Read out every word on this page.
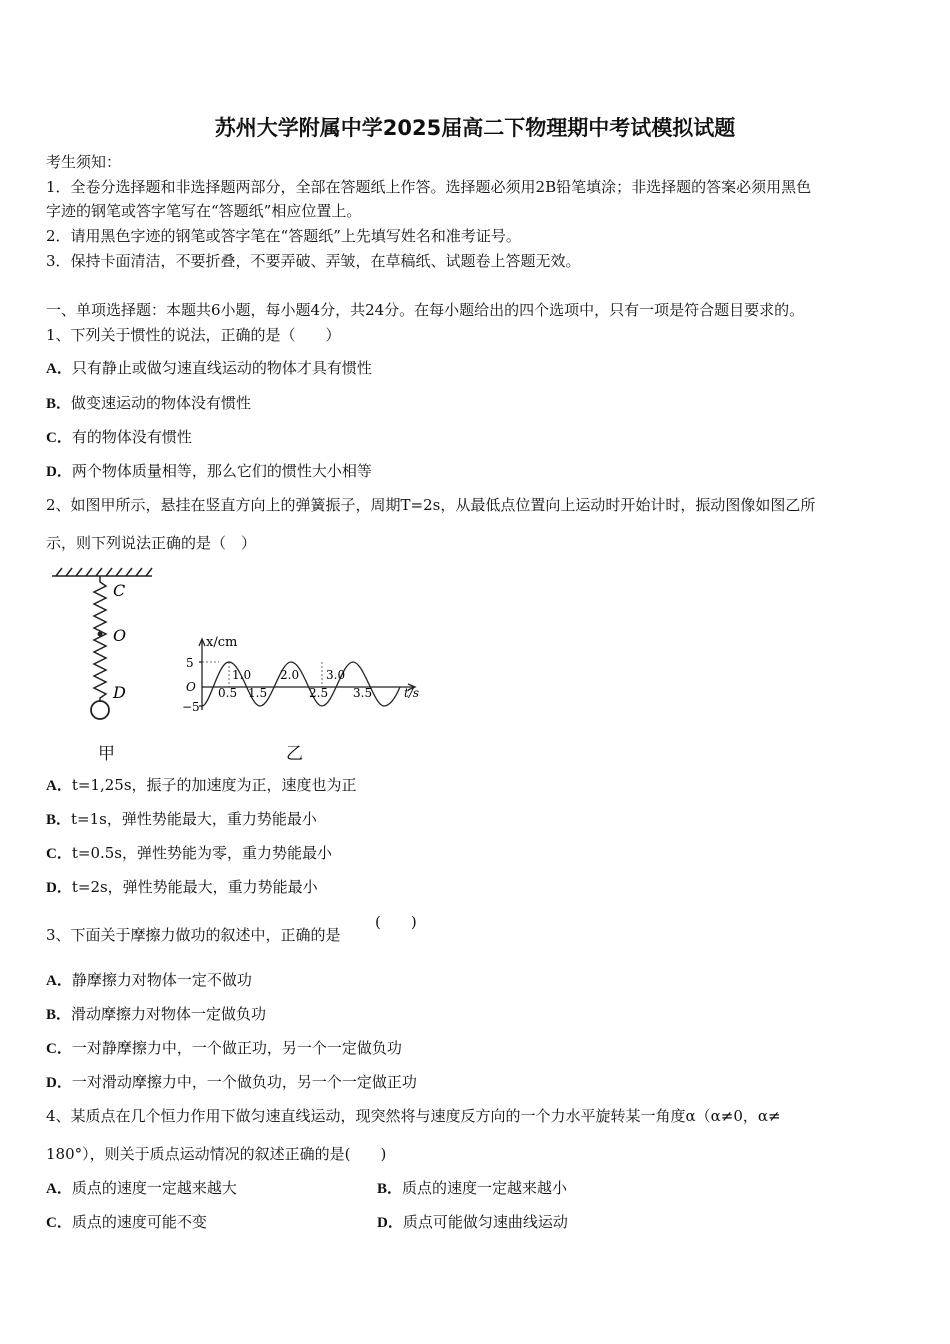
苏州大学附属中学2025届高二下物理期中考试模拟试题
考生须知：
1．全卷分选择题和非选择题两部分，全部在答题纸上作答。选择题必须用2B铅笔填涂；非选择题的答案必须用黑色
字迹的钢笔或答字笔写在“答题纸”相应位置上。
2．请用黑色字迹的钢笔或答字笔在“答题纸”上先填写姓名和准考证号。
3．保持卡面清洁，不要折叠，不要弄破、弄皱，在草稿纸、试题卷上答题无效。
一、单项选择题：本题共6小题，每小题4分，共24分。在每小题给出的四个选项中，只有一项是符合题目要求的。
1、下列关于惯性的说法，正确的是（　　）
A．只有静止或做匀速直线运动的物体才具有惯性
B．做变速运动的物体没有惯性
C．有的物体没有惯性
D．两个物体质量相等，那么它们的惯性大小相等
2、如图甲所示，悬挂在竖直方向上的弹簧振子，周期T=2s，从最低点位置向上运动时开始计时，振动图像如图乙所
示，则下列说法正确的是（　）
C
O
D
x/cm
5
−5
O
1.0 2.0 3.0
0.5 1.5	2.5 3.5	t/s
甲	乙
A．t=1,25s，振子的加速度为正，速度也为正
B．t=1s，弹性势能最大，重力势能最小
C．t=0.5s，弹性势能为零，重力势能最小
D．t=2s，弹性势能最大，重力势能最小
3、下面关于摩擦力做功的叙述中，正确的是
(　　)
A．静摩擦力对物体一定不做功
B．滑动摩擦力对物体一定做负功
C．一对静摩擦力中，一个做正功，另一个一定做负功
D．一对滑动摩擦力中，一个做负功，另一个一定做正功
4、某质点在几个恒力作用下做匀速直线运动，现突然将与速度反方向的一个力水平旋转某一角度α（α≠0，α≠
180°），则关于质点运动情况的叙述正确的是(　　)
A．质点的速度一定越来越大	B．质点的速度一定越来越小
C．质点的速度可能不变	D．质点可能做匀速曲线运动
